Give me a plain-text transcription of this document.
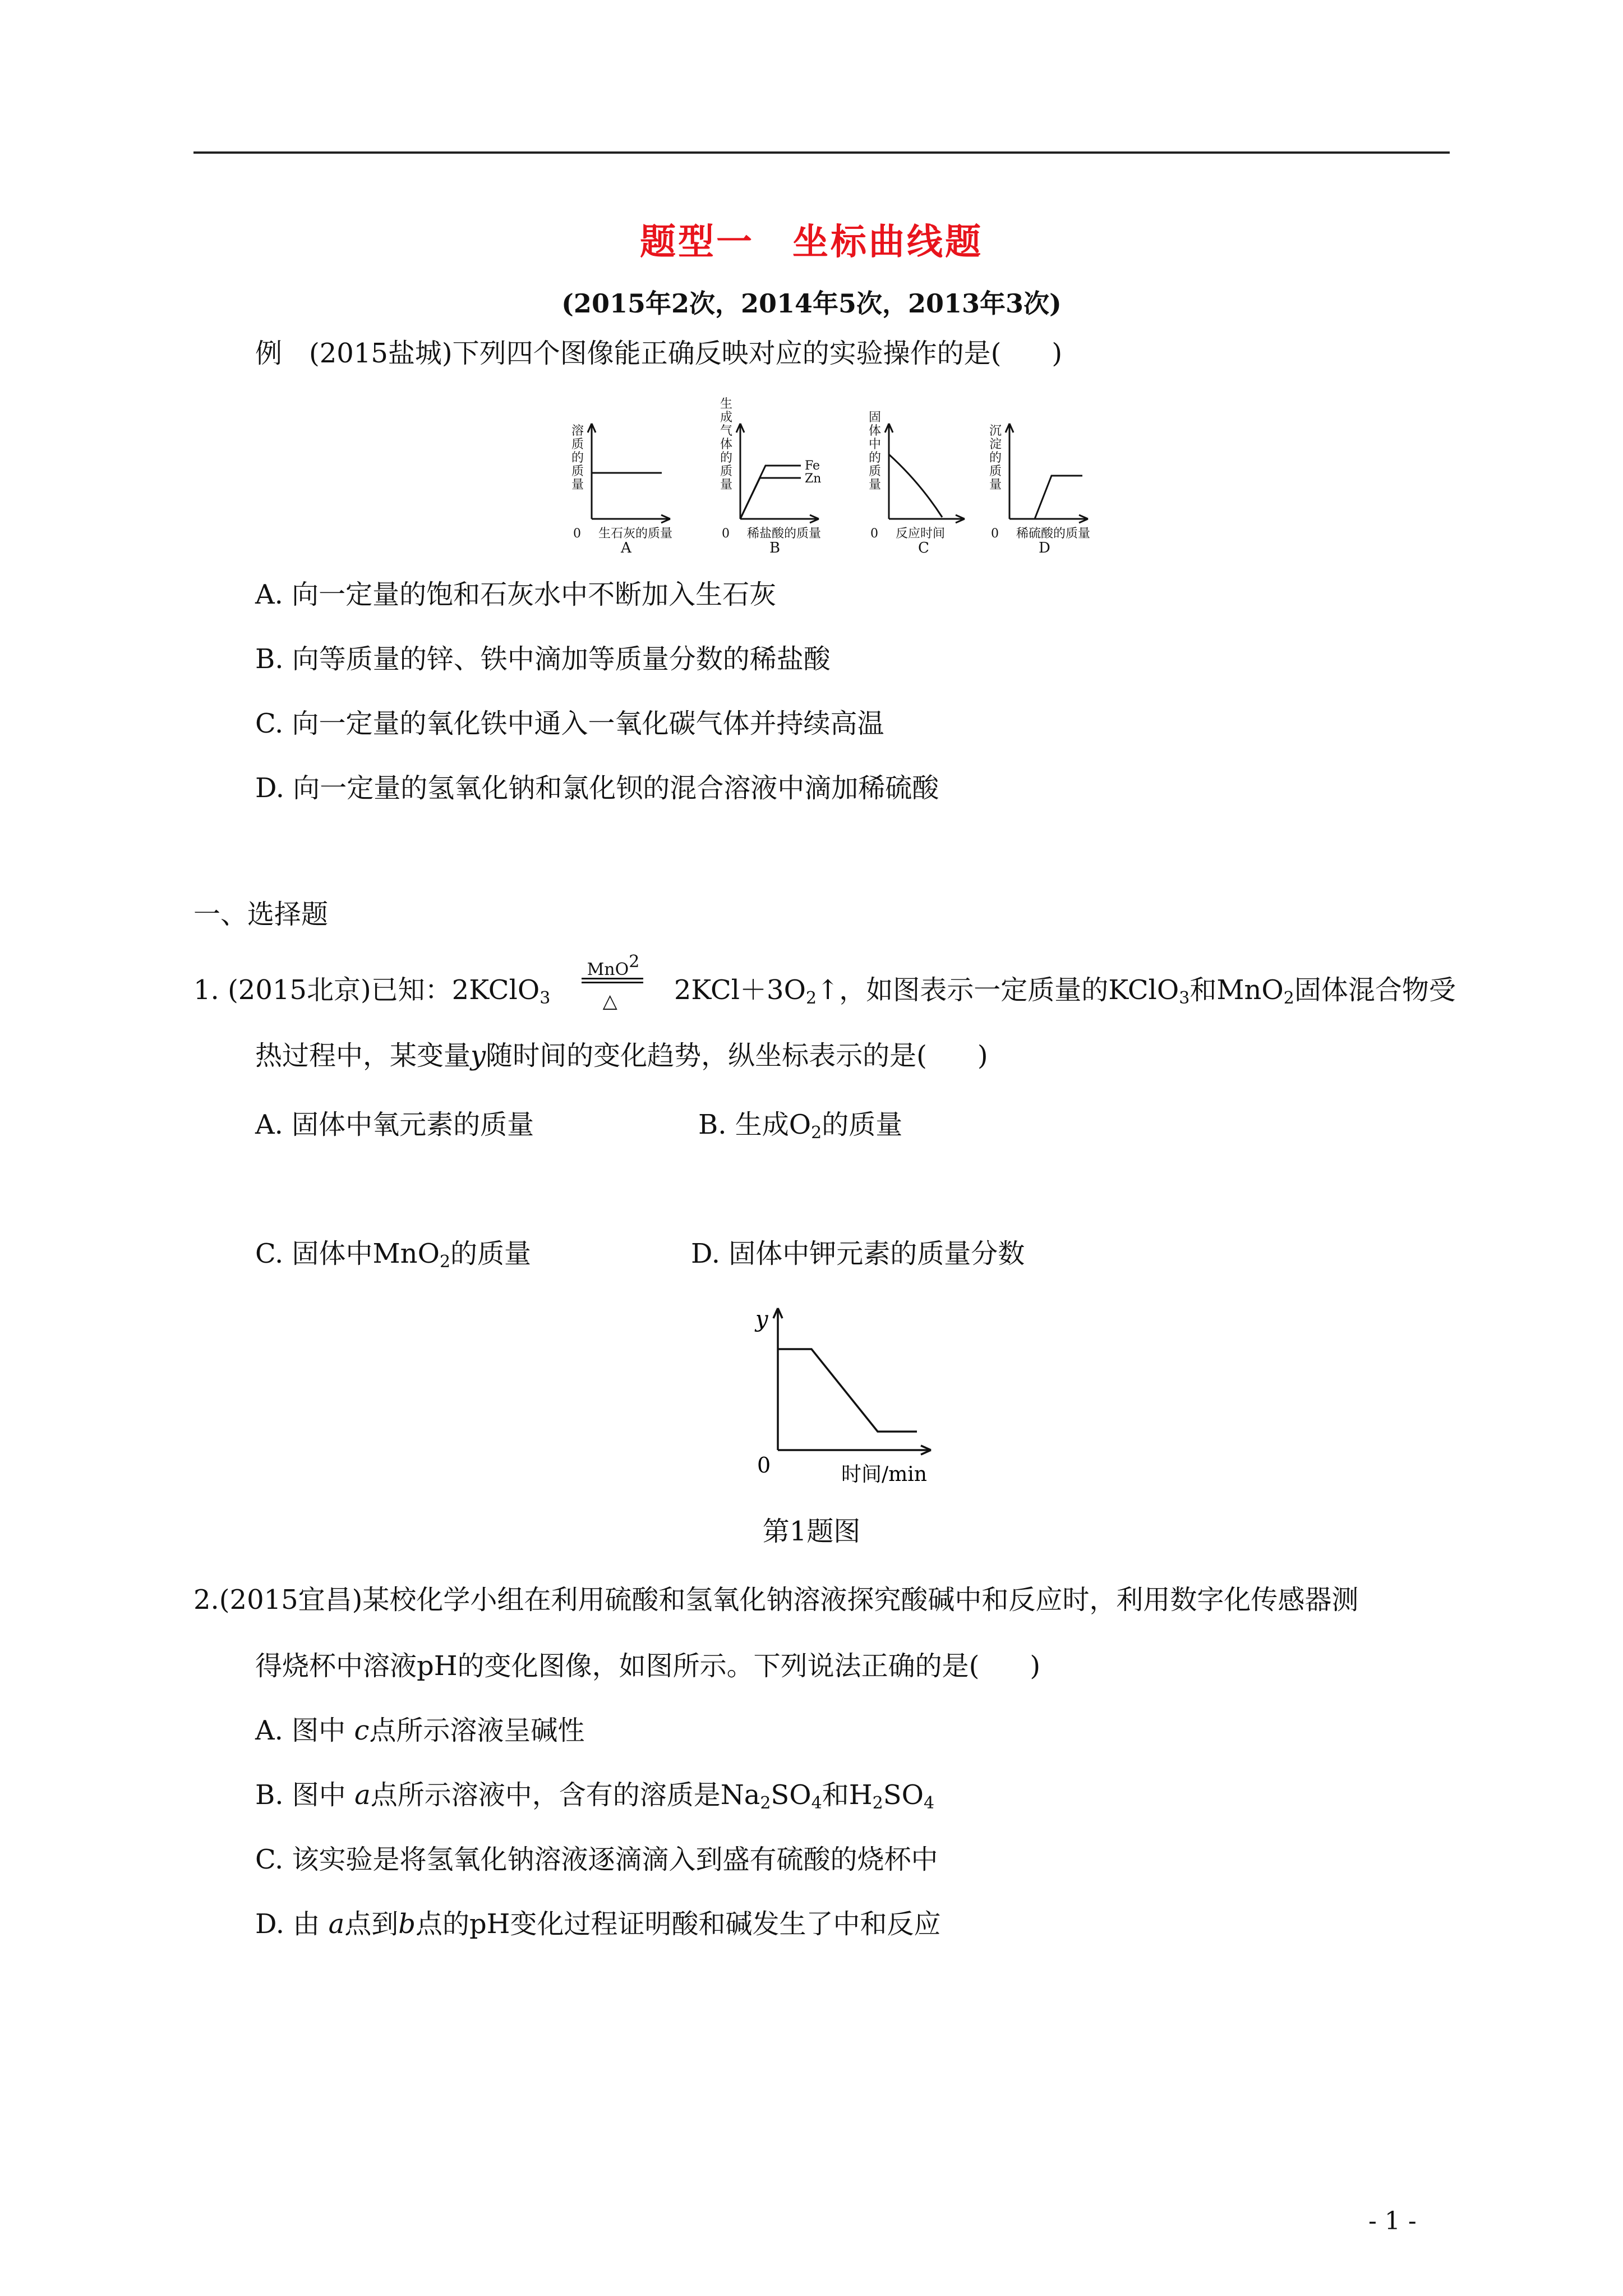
题型一　坐标曲线题
(2015年2次，2014年5次，2013年3次)
例　(2015盐城)下列四个图像能正确反映对应的实验操作的是( )
溶
质
的
质
量
0 生石灰的质量
A
生
成
气
体
的
质
量
0 稀盐酸的质量
B
Fe
Zn
固
体
中
的
质
量
0 反应时间
C
沉
淀
的
质
量
0 稀硫酸的质量
D
A. 向一定量的饱和石灰水中不断加入生石灰
B. 向等质量的锌、铁中滴加等质量分数的稀盐酸
C. 向一定量的氧化铁中通入一氧化碳气体并持续高温
D. 向一定量的氢氧化钠和氯化钡的混合溶液中滴加稀硫酸
一、选择题
1. (2015北京)已知：2KClO$_3$
MnO$^2$
△ $2KCl+3O_2↑$，如图表示一定质量的KClO$_3$和MnO$_2$固体混合物受
热过程中，某变量y随时间的变化趋势，纵坐标表示的是( )
A. 固体中氧元素的质量	B. 生成$O_2$的质量
C. 固体中MnO$_2$的质量	D. 固体中钾元素的质量分数
y
0	时间/min
第1题图
2.(2015宜昌)某校化学小组在利用硫酸和氢氧化钠溶液探究酸碱中和反应时，利用数字化传感器测
得烧杯中溶液pH的变化图像，如图所示。下列说法正确的是( )
A. 图中 c点所示溶液呈碱性
B. 图中 a点所示溶液中，含有的溶质是$Na_2SO_4$和$H_2SO_4$
C. 该实验是将氢氧化钠溶液逐滴滴入到盛有硫酸的烧杯中
D. 由 a点到b点的pH变化过程证明酸和碱发生了中和反应
- 1 -
